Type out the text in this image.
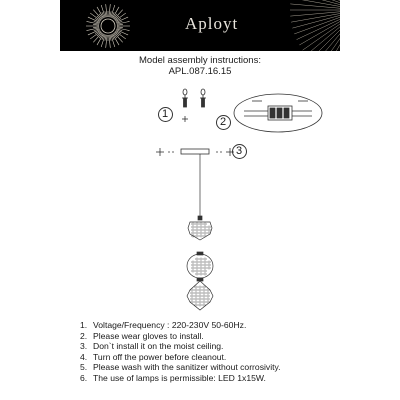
Aployt
Model assembly instructions:
APL.087.16.15
1
2
3
1. Voltage/Frequency : 220-230V 50-60Hz.
2. Please wear gloves to install.
3. Don`t install it on the moist ceiling.
4. Turn off the power before cleanout.
5. Please wash with the sanitizer without corrosivity.
6. The use of lamps is permissible: LED 1x15W.
